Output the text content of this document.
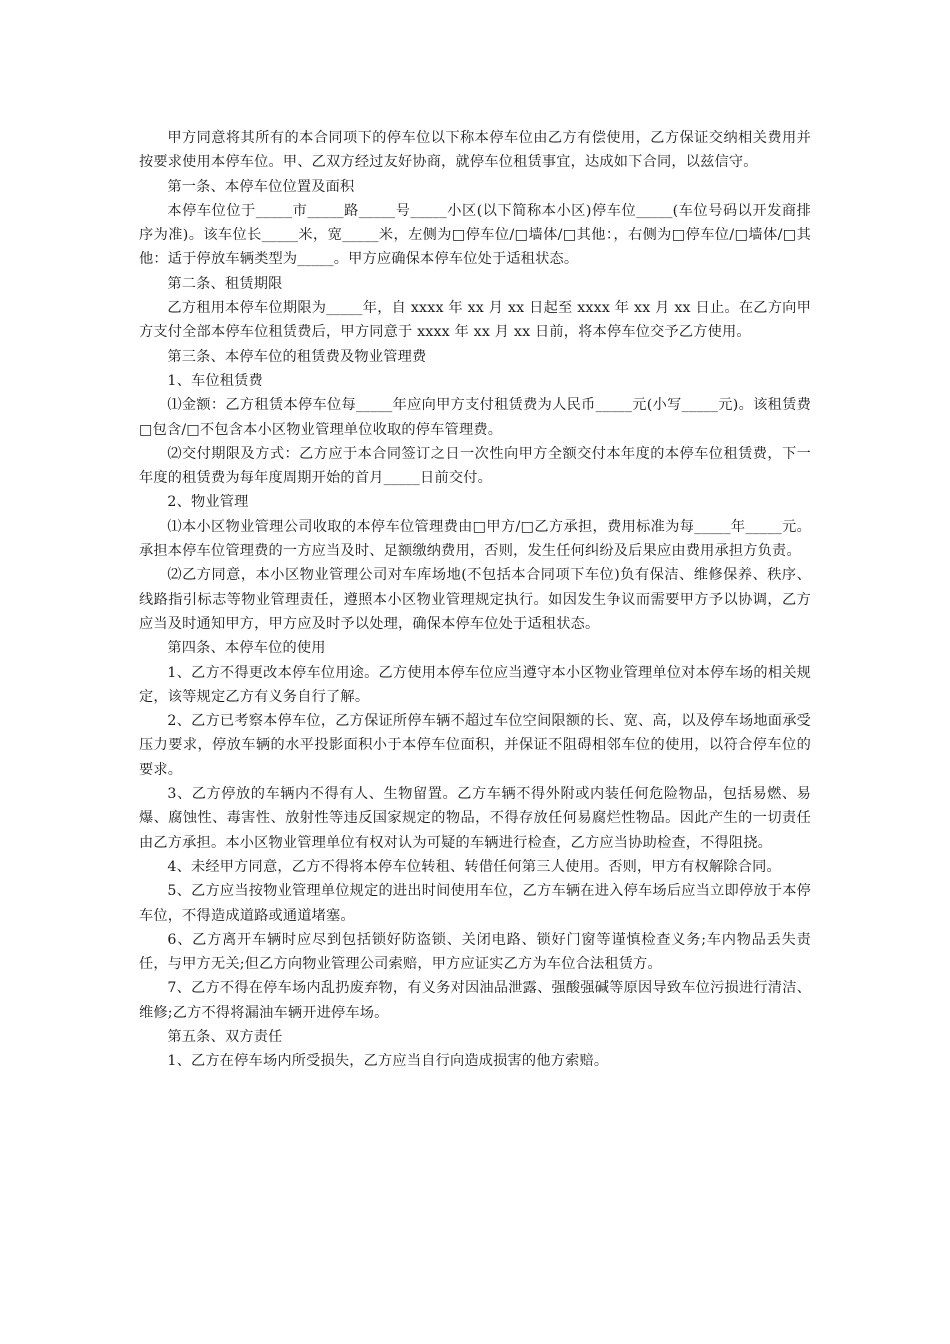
甲方同意将其所有的本合同项下的停车位以下称本停车位由乙方有偿使用，乙方保证交纳相关费用并按要求使用本停车位。甲、乙双方经过友好协商，就停车位租赁事宜，达成如下合同，以兹信守。

第一条、本停车位位置及面积

本停车位位于_____市_____路_____号_____小区(以下简称本小区)停车位_____(车位号码以开发商排序为准)。该车位长_____米，宽_____米，左侧为□停车位/□墙体/□其他：，右侧为□停车位/□墙体/□其他：适于停放车辆类型为_____。甲方应确保本停车位处于适租状态。

第二条、租赁期限

乙方租用本停车位期限为_____年，自 xxxx 年 xx 月 xx 日起至 xxxx 年 xx 月 xx 日止。在乙方向甲方支付全部本停车位租赁费后，甲方同意于 xxxx 年 xx 月 xx 日前，将本停车位交予乙方使用。

第三条、本停车位的租赁费及物业管理费

1、车位租赁费

⑴金额：乙方租赁本停车位每_____年应向甲方支付租赁费为人民币_____元(小写_____元)。该租赁费□包含/□不包含本小区物业管理单位收取的停车管理费。

⑵交付期限及方式：乙方应于本合同签订之日一次性向甲方全额交付本年度的本停车位租赁费，下一年度的租赁费为每年度周期开始的首月_____日前交付。

2、物业管理

⑴本小区物业管理公司收取的本停车位管理费由□甲方/□乙方承担，费用标准为每_____年_____元。承担本停车位管理费的一方应当及时、足额缴纳费用，否则，发生任何纠纷及后果应由费用承担方负责。

⑵乙方同意，本小区物业管理公司对车库场地(不包括本合同项下车位)负有保洁、维修保养、秩序、线路指引标志等物业管理责任，遵照本小区物业管理规定执行。如因发生争议而需要甲方予以协调，乙方应当及时通知甲方，甲方应及时予以处理，确保本停车位处于适租状态。

第四条、本停车位的使用

1、乙方不得更改本停车位用途。乙方使用本停车位应当遵守本小区物业管理单位对本停车场的相关规定，该等规定乙方有义务自行了解。

2、乙方已考察本停车位，乙方保证所停车辆不超过车位空间限额的长、宽、高，以及停车场地面承受压力要求，停放车辆的水平投影面积小于本停车位面积，并保证不阻碍相邻车位的使用，以符合停车位的要求。

3、乙方停放的车辆内不得有人、生物留置。乙方车辆不得外附或内装任何危险物品，包括易燃、易爆、腐蚀性、毒害性、放射性等违反国家规定的物品，不得存放任何易腐烂性物品。因此产生的一切责任由乙方承担。本小区物业管理单位有权对认为可疑的车辆进行检查，乙方应当协助检查，不得阻挠。

4、未经甲方同意，乙方不得将本停车位转租、转借任何第三人使用。否则，甲方有权解除合同。

5、乙方应当按物业管理单位规定的进出时间使用车位，乙方车辆在进入停车场后应当立即停放于本停车位，不得造成道路或通道堵塞。

6、乙方离开车辆时应尽到包括锁好防盗锁、关闭电路、锁好门窗等谨慎检查义务;车内物品丢失责任，与甲方无关;但乙方向物业管理公司索赔，甲方应证实乙方为车位合法租赁方。

7、乙方不得在停车场内乱扔废弃物，有义务对因油品泄露、强酸强碱等原因导致车位污损进行清洁、维修;乙方不得将漏油车辆开进停车场。

第五条、双方责任

1、乙方在停车场内所受损失，乙方应当自行向造成损害的他方索赔。
